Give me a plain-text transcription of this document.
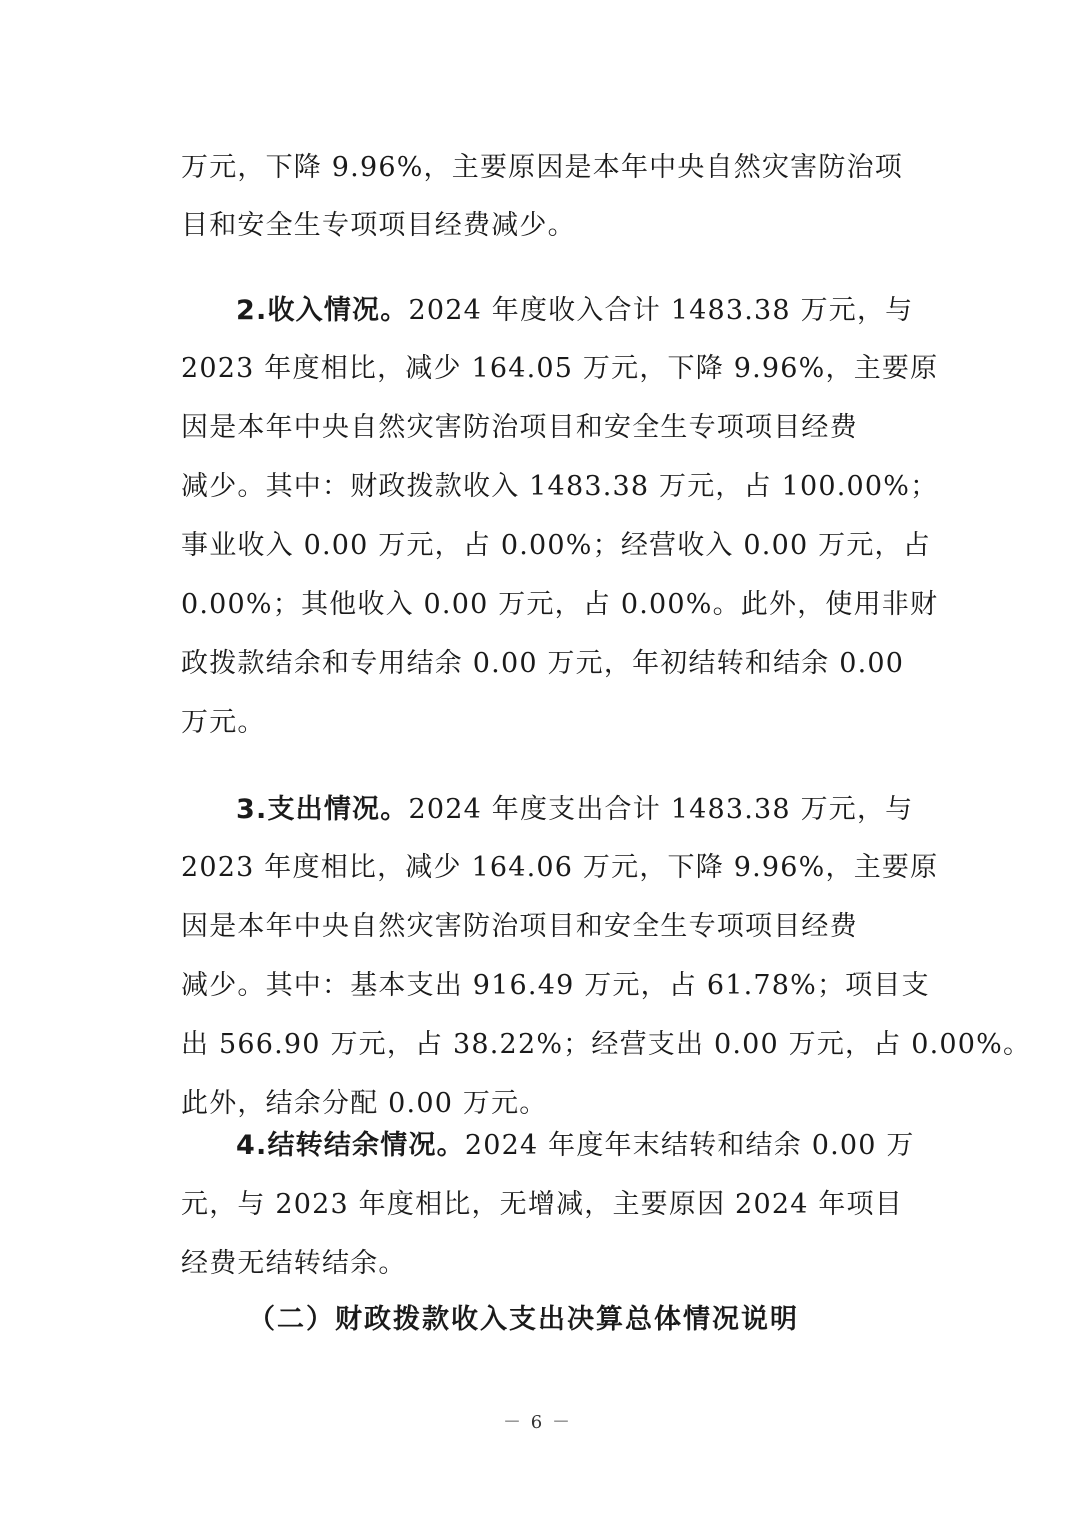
万元，下降 9.96%，主要原因是本年中央自然灾害防治项
目和安全生专项项目经费减少。
2.收入情况。2024 年度收入合计 1483.38 万元，与
2023 年度相比，减少 164.05 万元，下降 9.96%，主要原
因是本年中央自然灾害防治项目和安全生专项项目经费
减少。其中：财政拨款收入 1483.38 万元，占 100.00%；
事业收入 0.00 万元，占 0.00%；经营收入 0.00 万元，占
0.00%；其他收入 0.00 万元，占 0.00%。此外，使用非财
政拨款结余和专用结余 0.00 万元，年初结转和结余 0.00
万元。
3.支出情况。2024 年度支出合计 1483.38 万元，与
2023 年度相比，减少 164.06 万元，下降 9.96%，主要原
因是本年中央自然灾害防治项目和安全生专项项目经费
减少。其中：基本支出 916.49 万元，占 61.78%；项目支
出 566.90 万元，占 38.22%；经营支出 0.00 万元，占 0.00%。
此外，结余分配 0.00 万元。
4.结转结余情况。2024 年度年末结转和结余 0.00 万
元，与 2023 年度相比，无增减，主要原因 2024 年项目
经费无结转结余。
（二）财政拨款收入支出决算总体情况说明
－ 6 －
